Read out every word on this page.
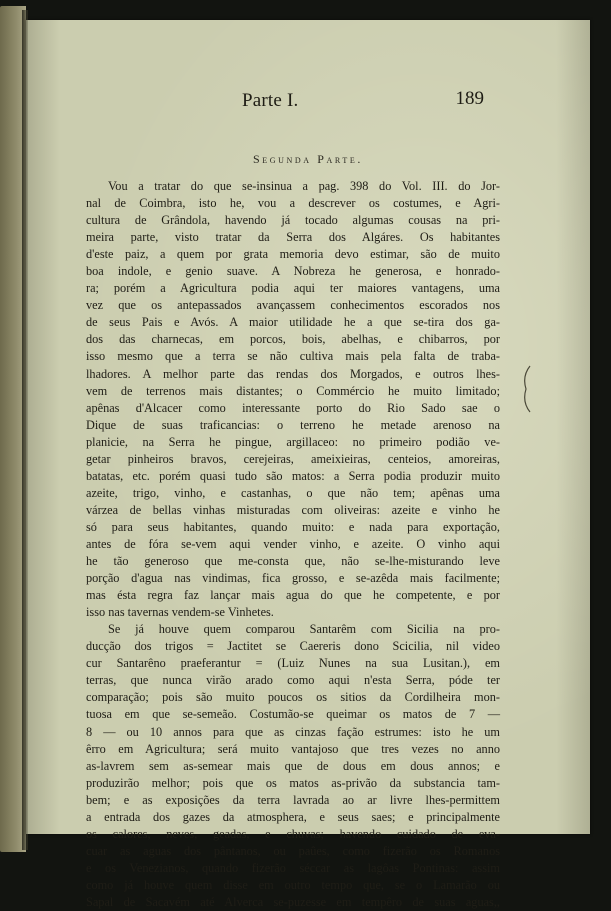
Parte I.	189
Segunda Parte.
Vou a tratar do que se-insinua a pag. 398 do Vol. III. do Jor-
nal de Coimbra, isto he, vou a descrever os costumes, e Agri-
cultura de Grândola, havendo já tocado algumas cousas na pri-
meira parte, visto tratar da Serra dos Algáres. Os habitantes
d'este paiz, a quem por grata memoria devo estimar, são de muito
boa indole, e genio suave. A Nobreza he generosa, e honrado-
ra; porém a Agricultura podia aqui ter maiores vantagens, uma
vez que os antepassados avançassem conhecimentos escorados nos
de seus Pais e Avós. A maior utilidade he a que se-tira dos ga-
dos das charnecas, em porcos, bois, abelhas, e chibarros, por
isso mesmo que a terra se não cultiva mais pela falta de traba-
lhadores. A melhor parte das rendas dos Morgados, e outros lhes-
vem de terrenos mais distantes; o Commércio he muito limitado;
apênas d'Alcacer como interessante porto do Rio Sado sae o
Dique de suas traficancias: o terreno he metade arenoso na
planicie, na Serra he pingue, argillaceo: no primeiro podião ve-
getar pinheiros bravos, cerejeiras, ameixieiras, centeios, amoreiras,
batatas, etc. porém quasi tudo são matos: a Serra podia produzir muito
azeite, trigo, vinho, e castanhas, o que não tem; apênas uma
várzea de bellas vinhas misturadas com oliveiras: azeite e vinho he
só para seus habitantes, quando muito: e nada para exportação,
antes de fóra se-vem aqui vender vinho, e azeite. O vinho aqui
he tão generoso que me-consta que, não se-lhe-misturando leve
porção d'agua nas vindimas, fica grosso, e se-azêda mais facilmente;
mas ésta regra faz lançar mais agua do que he competente, e por
isso nas tavernas vendem-se Vinhetes.
Se já houve quem comparou Santarêm com Sicilia na pro-
ducção dos trigos = Jactitet se Caereris dono Scicilia, nil video
cur Santarêno praeferantur = (Luiz Nunes na sua Lusitan.), em
terras, que nunca virão arado como aqui n'esta Serra, póde ter
comparação; pois são muito poucos os sitios da Cordilheira mon-
tuosa em que se-semeão. Costumão-se queimar os matos de 7 —
8 — ou 10 annos para que as cinzas fação estrumes: isto he um
êrro em Agricultura; será muito vantajoso que tres vezes no anno
as-lavrem sem as-semear mais que de dous em dous annos; e
produzirão melhor; pois que os matos as-privão da substancia tam-
bem; e as exposições da terra lavrada ao ar livre lhes-permittem
a entrada dos gazes da atmosphera, e seus saes; e principalmente
os calores, neves, geadas, e chuvas; havendo cuidado de eva-
cuar as aguas dos pântanos, ou paûes, como fizerão os Romanos
e os Venezianos, quando fizerão séccar as lagôas Pontinas: assim
como já houve quem disse em outro tempo que, se o Lamarão ou
Sapal de Sacavém até Alverca se-puzesse em tempêro de suas aguas,,
